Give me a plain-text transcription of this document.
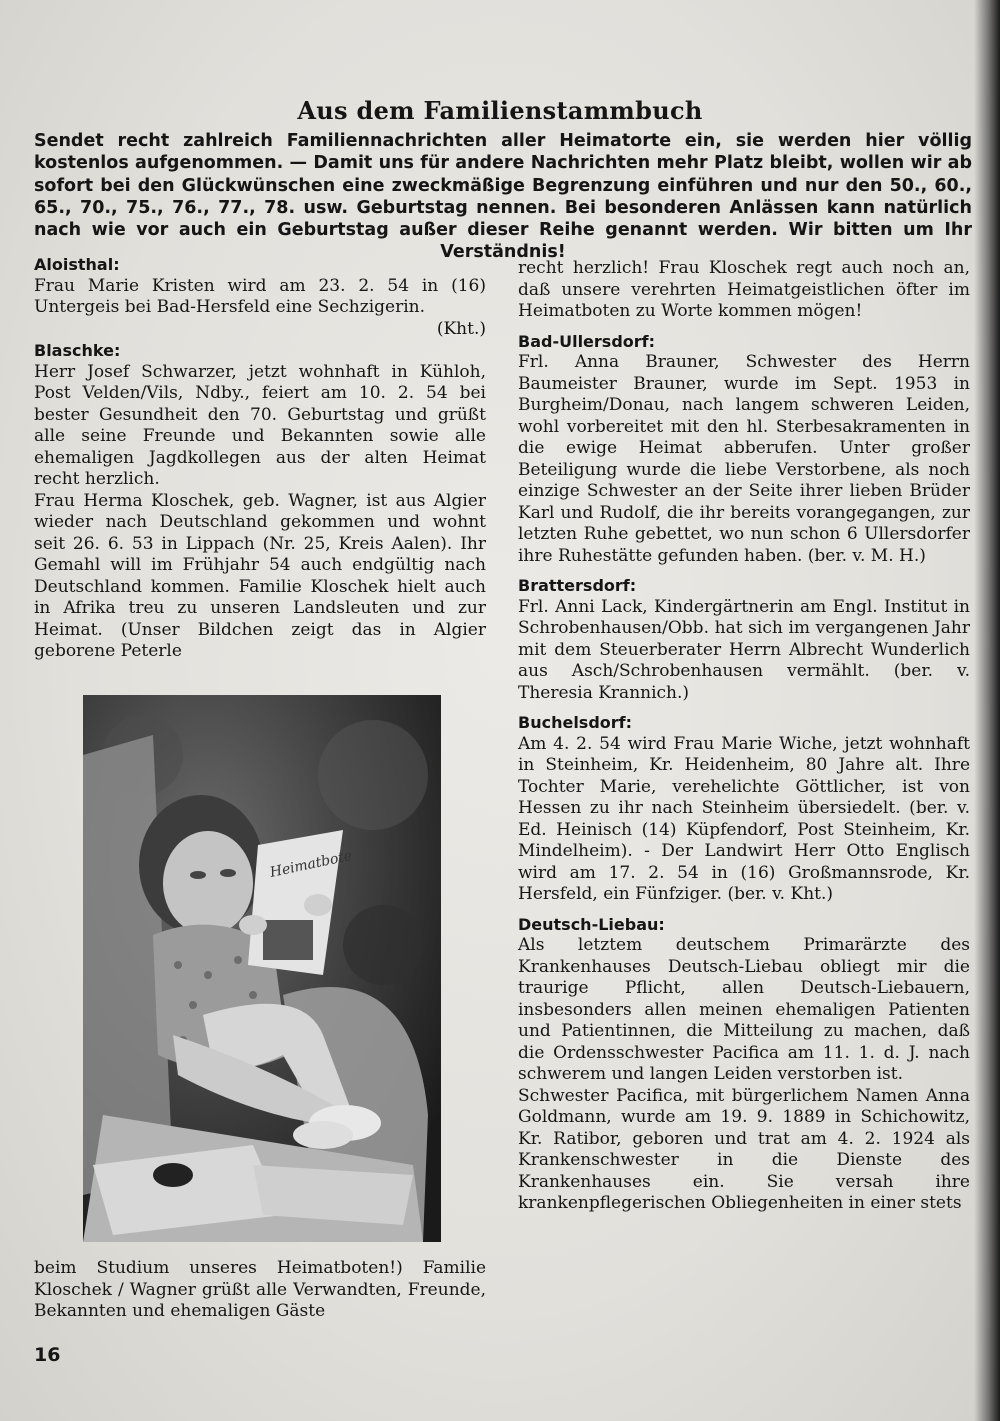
Aus dem Familienstammbuch
Sendet recht zahlreich Familiennachrichten aller Heimatorte ein, sie werden hier völlig kostenlos aufgenommen. — Damit uns für andere Nachrichten mehr Platz bleibt, wollen wir ab sofort bei den Glückwünschen eine zweckmäßige Begrenzung einführen und nur den 50., 60., 65., 70., 75., 76., 77., 78. usw. Geburtstag nennen. Bei besonderen Anlässen kann natürlich nach wie vor auch ein Geburtstag außer dieser Reihe genannt werden. Wir bitten um Ihr Verständnis!
Aloisthal:

Frau Marie Kristen wird am 23. 2. 54 in (16) Untergeis bei Bad-Hersfeld eine Sechzigerin.

(Kht.)

Blaschke:

Herr Josef Schwarzer, jetzt wohnhaft in Kühloh, Post Velden/Vils, Ndby., feiert am 10. 2. 54 bei bester Gesundheit den 70. Geburtstag und grüßt alle seine Freunde und Bekannten sowie alle ehemaligen Jagdkollegen aus der alten Heimat recht herzlich.

Frau Herma Kloschek, geb. Wagner, ist aus Algier wieder nach Deutschland gekommen und wohnt seit 26. 6. 53 in Lippach (Nr. 25, Kreis Aalen). Ihr Gemahl will im Frühjahr 54 auch endgültig nach Deutschland kommen. Familie Kloschek hielt auch in Afrika treu zu unseren Landsleuten und zur Heimat. (Unser Bildchen zeigt das in Algier geborene Peterle

Heimatbote

beim Studium unseres Heimatboten!) Familie Kloschek / Wagner grüßt alle Verwandten, Freunde, Bekannten und ehemaligen Gäste

recht herzlich! Frau Kloschek regt auch noch an, daß unsere verehrten Heimatgeistlichen öfter im Heimatboten zu Worte kommen mögen!

Bad-Ullersdorf:

Frl. Anna Brauner, Schwester des Herrn Baumeister Brauner, wurde im Sept. 1953 in Burgheim/Donau, nach langem schweren Leiden, wohl vorbereitet mit den hl. Sterbesakramenten in die ewige Heimat abberufen. Unter großer Beteiligung wurde die liebe Verstorbene, als noch einzige Schwester an der Seite ihrer lieben Brüder Karl und Rudolf, die ihr bereits vorangegangen, zur letzten Ruhe gebettet, wo nun schon 6 Ullersdorfer ihre Ruhestätte gefunden haben. (ber. v. M. H.)

Brattersdorf:

Frl. Anni Lack, Kindergärtnerin am Engl. Institut in Schrobenhausen/Obb. hat sich im vergangenen Jahr mit dem Steuerberater Herrn Albrecht Wunderlich aus Asch/Schrobenhausen vermählt. (ber. v. Theresia Krannich.)

Buchelsdorf:

Am 4. 2. 54 wird Frau Marie Wiche, jetzt wohnhaft in Steinheim, Kr. Heidenheim, 80 Jahre alt. Ihre Tochter Marie, verehelichte Göttlicher, ist von Hessen zu ihr nach Steinheim übersiedelt. (ber. v. Ed. Heinisch (14) Küpfendorf, Post Steinheim, Kr. Mindelheim). - Der Landwirt Herr Otto Englisch wird am 17. 2. 54 in (16) Großmannsrode, Kr. Hersfeld, ein Fünfziger. (ber. v. Kht.)

Deutsch-Liebau:

Als letztem deutschem Primarärzte des Krankenhauses Deutsch-Liebau obliegt mir die traurige Pflicht, allen Deutsch-Liebauern, insbesonders allen meinen ehemaligen Patienten und Patientinnen, die Mitteilung zu machen, daß die Ordensschwester Pacifica am 11. 1. d. J. nach schwerem und langen Leiden verstorben ist.

Schwester Pacifica, mit bürgerlichem Namen Anna Goldmann, wurde am 19. 9. 1889 in Schichowitz, Kr. Ratibor, geboren und trat am 4. 2. 1924 als Krankenschwester in die Dienste des Krankenhauses ein. Sie versah ihre krankenpflegerischen Obliegenheiten in einer stets

16
